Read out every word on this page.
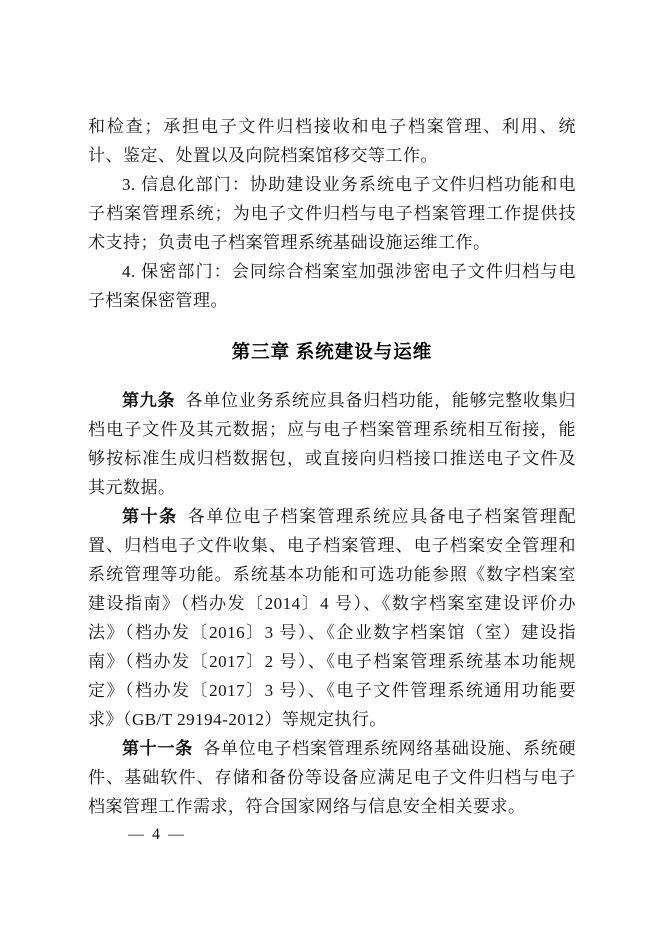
和检查；承担电子文件归档接收和电子档案管理、利用、统计、鉴定、处置以及向院档案馆移交等工作。

3. 信息化部门：协助建设业务系统电子文件归档功能和电子档案管理系统；为电子文件归档与电子档案管理工作提供技术支持；负责电子档案管理系统基础设施运维工作。

4. 保密部门：会同综合档案室加强涉密电子文件归档与电子档案保密管理。

第三章 系统建设与运维

第九条 各单位业务系统应具备归档功能，能够完整收集归档电子文件及其元数据；应与电子档案管理系统相互衔接，能够按标准生成归档数据包，或直接向归档接口推送电子文件及其元数据。

第十条 各单位电子档案管理系统应具备电子档案管理配置、归档电子文件收集、电子档案管理、电子档案安全管理和系统管理等功能。系统基本功能和可选功能参照《数字档案室建设指南》（档办发〔2014〕4 号）、《数字档案室建设评价办法》（档办发〔2016〕3 号）、《企业数字档案馆（室）建设指南》（档办发〔2017〕2 号）、《电子档案管理系统基本功能规定》（档办发〔2017〕3 号）、《电子文件管理系统通用功能要求》（GB/T 29194-2012）等规定执行。

第十一条 各单位电子档案管理系统网络基础设施、系统硬件、基础软件、存储和备份等设备应满足电子文件归档与电子档案管理工作需求，符合国家网络与信息安全相关要求。

— 4 —
